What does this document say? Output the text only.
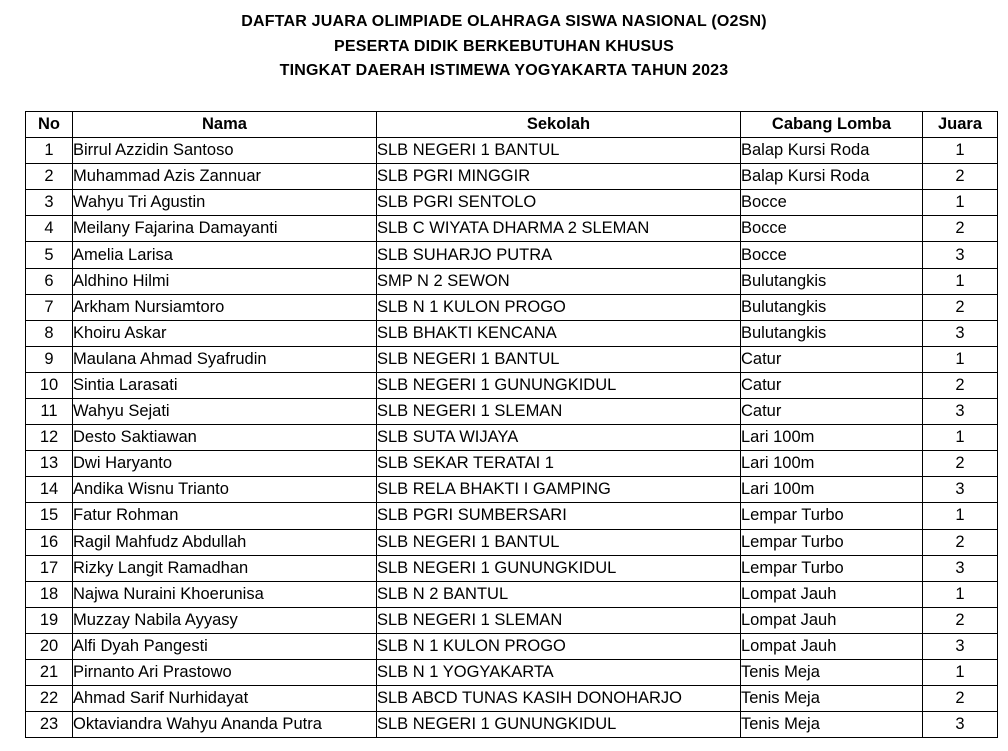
DAFTAR JUARA OLIMPIADE OLAHRAGA SISWA NASIONAL (O2SN)
PESERTA DIDIK BERKEBUTUHAN KHUSUS
TINGKAT DAERAH ISTIMEWA YOGYAKARTA TAHUN 2023
No	Nama	Sekolah	Cabang Lomba	Juara
1	Birrul Azzidin Santoso	SLB NEGERI 1 BANTUL	Balap Kursi Roda	1
2	Muhammad Azis Zannuar	SLB PGRI MINGGIR	Balap Kursi Roda	2
3	Wahyu Tri Agustin	SLB PGRI SENTOLO	Bocce	1
4	Meilany Fajarina Damayanti	SLB C WIYATA DHARMA 2 SLEMAN	Bocce	2
5	Amelia Larisa	SLB SUHARJO PUTRA	Bocce	3
6	Aldhino Hilmi	SMP N 2 SEWON	Bulutangkis	1
7	Arkham Nursiamtoro	SLB N 1 KULON PROGO	Bulutangkis	2
8	Khoiru Askar	SLB BHAKTI KENCANA	Bulutangkis	3
9	Maulana Ahmad Syafrudin	SLB NEGERI 1 BANTUL	Catur	1
10	Sintia Larasati	SLB NEGERI 1 GUNUNGKIDUL	Catur	2
11	Wahyu Sejati	SLB NEGERI 1 SLEMAN	Catur	3
12	Desto Saktiawan	SLB SUTA WIJAYA	Lari 100m	1
13	Dwi Haryanto	SLB SEKAR TERATAI 1	Lari 100m	2
14	Andika Wisnu Trianto	SLB RELA BHAKTI I GAMPING	Lari 100m	3
15	Fatur Rohman	SLB PGRI SUMBERSARI	Lempar Turbo	1
16	Ragil Mahfudz Abdullah	SLB NEGERI 1 BANTUL	Lempar Turbo	2
17	Rizky Langit Ramadhan	SLB NEGERI 1 GUNUNGKIDUL	Lempar Turbo	3
18	Najwa Nuraini Khoerunisa	SLB N 2 BANTUL	Lompat Jauh	1
19	Muzzay Nabila Ayyasy	SLB NEGERI 1 SLEMAN	Lompat Jauh	2
20	Alfi Dyah Pangesti	SLB N 1 KULON PROGO	Lompat Jauh	3
21	Pirnanto Ari Prastowo	SLB N 1 YOGYAKARTA	Tenis Meja	1
22	Ahmad Sarif Nurhidayat	SLB ABCD TUNAS KASIH DONOHARJO	Tenis Meja	2
23	Oktaviandra Wahyu Ananda Putra	SLB NEGERI 1 GUNUNGKIDUL	Tenis Meja	3
